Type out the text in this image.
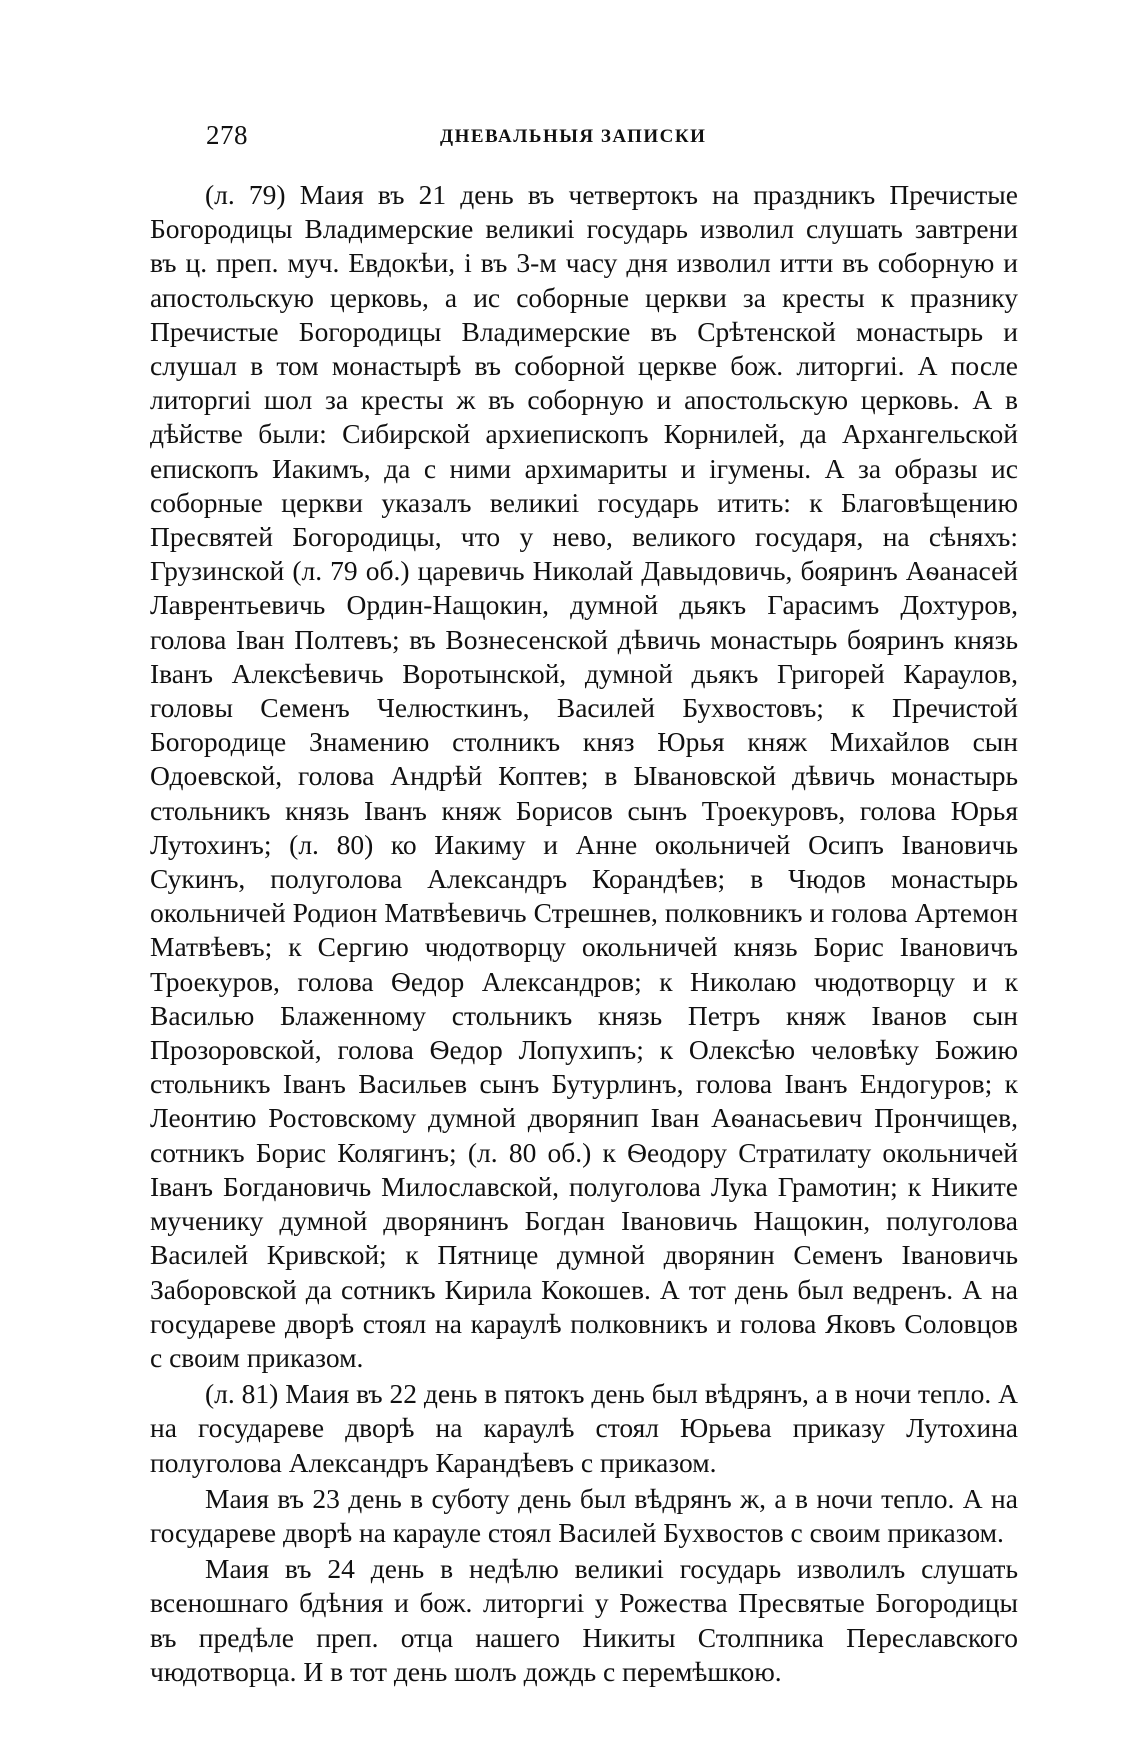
278	ДНЕВАЛЬНЫЯ ЗАПИСКИ

(л. 79) Маия въ 21 день въ четвертокъ на праздникъ Пречистые Богородицы Владимерские великиі государь изволил слушать завтрени въ ц. преп. муч. Евдокѣи, і въ 3-м часу дня изволил итти въ соборную и апостольскую церковь, а ис соборные церкви за кресты к празнику Пречистые Богородицы Владимерские въ Срѣтенской монастырь и слушал в том монастырѣ въ соборной церкве бож. литоргиі. А после литоргиі шол за кресты ж въ соборную и апостольскую церковь. А в дѣйстве были: Сибирской архиепископъ Корнилей, да Архангельской епископъ Иакимъ, да с ними архимариты и ігумены. А за образы ис соборные церкви указалъ великиі государь итить: к Благовѣщению Пресвятей Богородицы, что у нево, великого государя, на сѣняхъ: Грузинской (л. 79 об.) царевичь Николай Давыдовичь, бояринъ Аѳанасей Лаврентьевичь Ордин-Нащокин, думной дьякъ Гарасимъ Дохтуров, голова Іван Полтевъ; въ Вознесенской дѣвичь монастырь бояринъ князь Іванъ Алексѣевичь Воротынской, думной дьякъ Григорей Караулов, головы Семенъ Челюсткинъ, Василей Бухвостовъ; к Пречистой Богородице Знамению столникъ княз Юрья княж Михайлов сын Одоевской, голова Андрѣй Коптев; в Ывановской дѣвичь монастырь стольникъ князь Іванъ княж Борисов сынъ Троекуровъ, голова Юрья Лутохинъ; (л. 80) ко Иакиму и Анне окольничей Осипъ Івановичь Сукинъ, полуголова Александръ Корандѣев; в Чюдов монастырь окольничей Родион Матвѣевичь Стрешнев, полковникъ и голова Артемон Матвѣевъ; к Сергию чюдотворцу окольничей князь Борис Івановичъ Троекуров, голова Ѳедор Александров; к Николаю чюдотворцу и к Василью Блаженному стольникъ князь Петръ княж Іванов сын Прозоровской, голова Ѳедор Лопухипъ; к Олексѣю человѣку Божию стольникъ Іванъ Васильев сынъ Бутурлинъ, голова Іванъ Ендогуров; к Леонтию Ростовскому думной дворянип Іван Аѳанасьевич Прончищев, сотникъ Борис Колягинъ; (л. 80 об.) к Ѳеодору Стратилату окольничей Іванъ Богдановичь Милославской, полуголова Лука Грамотин; к Никите мученику думной дворянинъ Богдан Івановичь Нащокин, полуголова Василей Кривской; к Пятнице думной дворянин Семенъ Івановичь Заборовской да сотникъ Кирила Кокошев. А тот день был ведренъ. А на государеве дворѣ стоял на караулѣ полковникъ и голова Яковъ Соловцов с своим приказом.

(л. 81) Маия въ 22 день в пятокъ день был вѣдрянъ, а в ночи тепло. А на государеве дворѣ на караулѣ стоял Юрьева приказу Лутохина полуголова Александръ Карандѣевъ с приказом.

Маия въ 23 день в суботу день был вѣдрянъ ж, а в ночи тепло. А на государеве дворѣ на карауле стоял Василей Бухвостов с своим приказом.

Маия въ 24 день в недѣлю великиі государь изволилъ слушать всеношнаго бдѣния и бож. литоргиі у Рожества Пресвятые Богородицы въ предѣле преп. отца нашего Никиты Столпника Переславского чюдотворца. И в тот день шолъ дождь с перемѣшкою.
